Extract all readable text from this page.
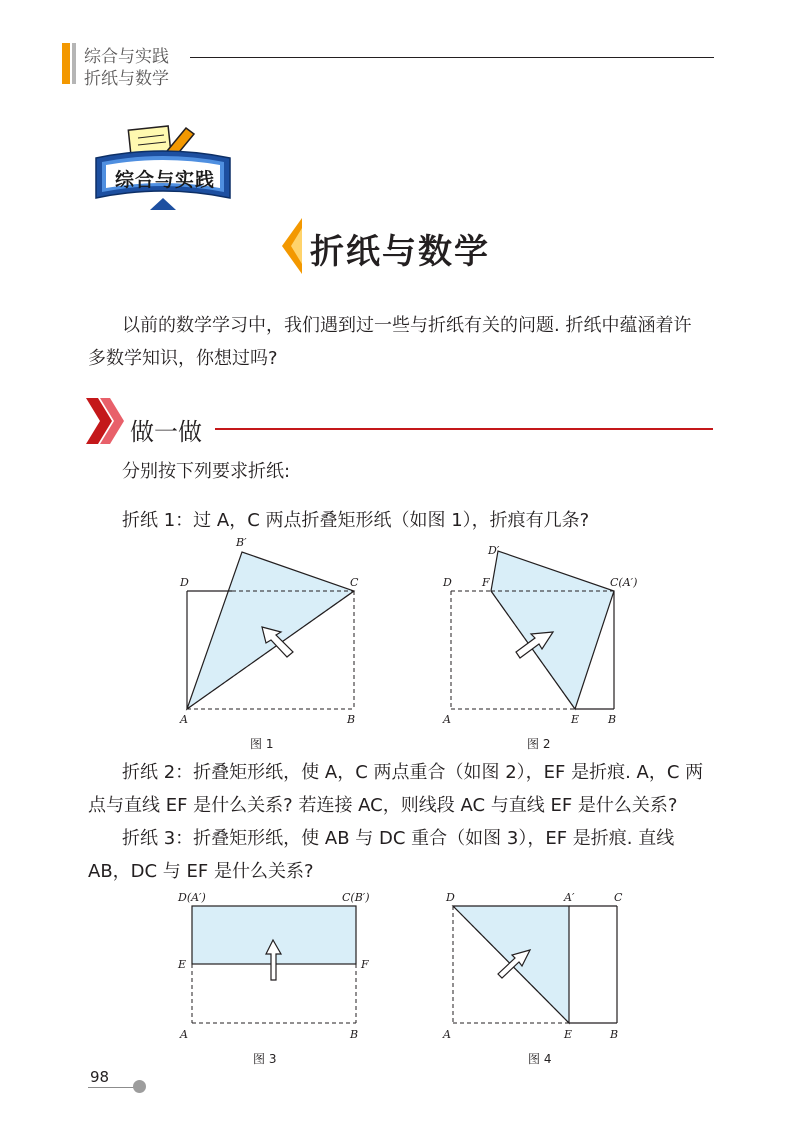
综合与实践
折纸与数学
综合与实践
折纸与数学
以前的数学学习中，我们遇到过一些与折纸有关的问题. 折纸中蕴涵着许
多数学知识，你想过吗?
做一做
分别按下列要求折纸:
折纸 1：过 A，C 两点折叠矩形纸（如图 1），折痕有几条?
B′
D	C
A	B
图 1
D′
D	F	C(A′)
A	E	B
图 2
折纸 2：折叠矩形纸，使 A，C 两点重合（如图 2），EF 是折痕. A，C 两
点与直线 EF 是什么关系? 若连接 AC，则线段 AC 与直线 EF 是什么关系?
折纸 3：折叠矩形纸，使 AB 与 DC 重合（如图 3），EF 是折痕. 直线
AB，DC 与 EF 是什么关系?
D(A′)	C(B′)
E	F
A	B
图 3
D	A′	C
A	E	B
图 4
98
